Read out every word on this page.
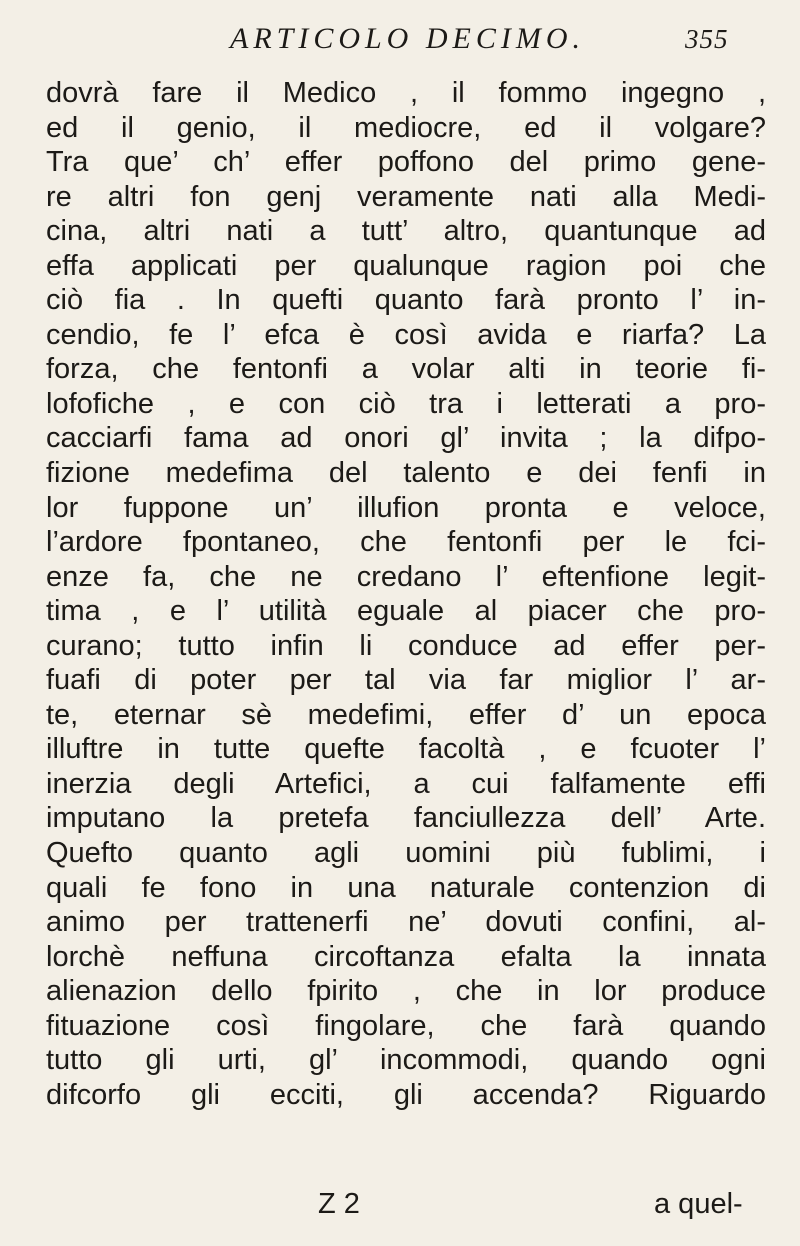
ARTICOLO DECIMO.	355
dovrà fare il Medico , il fommo ingegno ,
ed il genio, il mediocre, ed il volgare?
Tra que’ ch’ effer poffono del primo gene-
re altri fon genj veramente nati alla Medi-
cina, altri nati a tutt’ altro, quantunque ad
effa applicati per qualunque ragion poi che
ciò fia . In quefti quanto farà pronto l’ in-
cendio, fe l’ efca è così avida e riarfa? La
forza, che fentonfi a volar alti in teorie fi-
lofofiche , e con ciò tra i letterati a pro-
cacciarfi fama ad onori gl’ invita ; la difpo-
fizione medefima del talento e dei fenfi in
lor fuppone un’ illufion pronta e veloce,
l’ardore fpontaneo, che fentonfi per le fci-
enze fa, che ne credano l’ eftenfione legit-
tima , e l’ utilità eguale al piacer che pro-
curano; tutto infin li conduce ad effer per-
fuafi di poter per tal via far miglior l’ ar-
te, eternar sè medefimi, effer d’ un epoca
illuftre in tutte quefte facoltà , e fcuoter l’
inerzia degli Artefici, a cui falfamente effi
imputano la pretefa fanciullezza dell’ Arte.
Quefto quanto agli uomini più fublimi, i
quali fe fono in una naturale contenzion di
animo per trattenerfi ne’ dovuti confini, al-
lorchè neffuna circoftanza efalta la innata
alienazion dello fpirito , che in lor produce
fituazione così fingolare, che farà quando
tutto gli urti, gl’ incommodi, quando ogni
difcorfo gli ecciti, gli accenda? Riguardo
Z 2	a quel-
